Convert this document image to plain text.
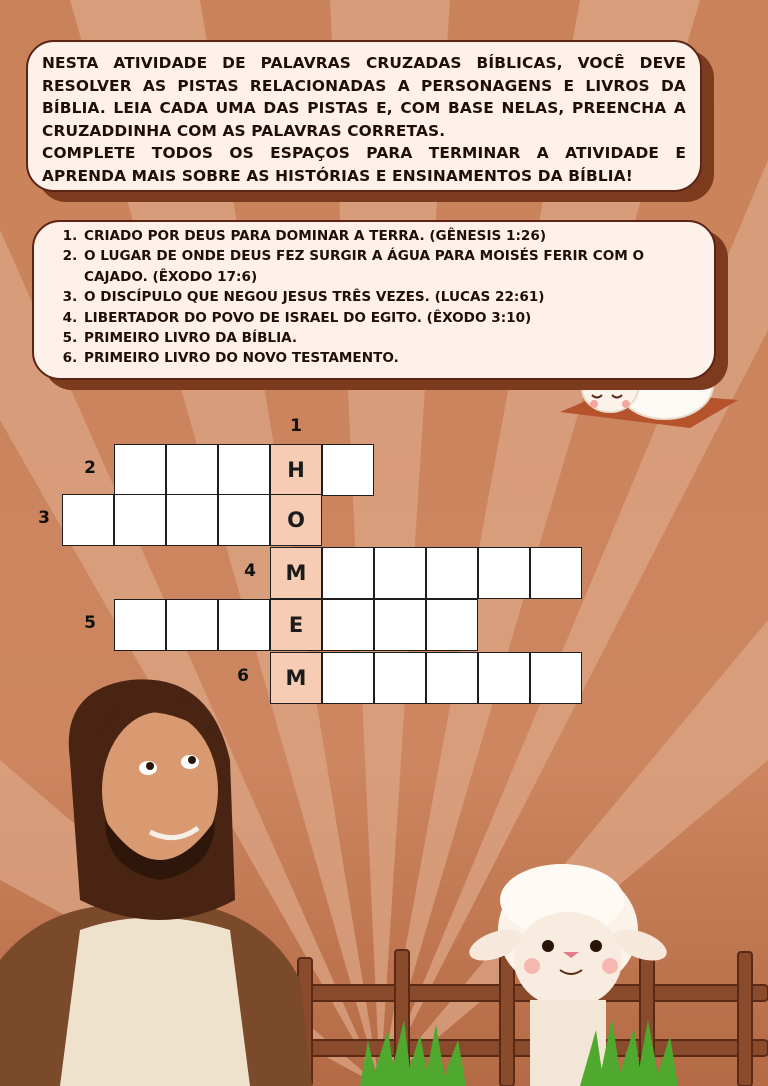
NESTA ATIVIDADE DE PALAVRAS CRUZADAS BÍBLICAS, VOCÊ DEVE RESOLVER AS PISTAS RELACIONADAS A PERSONAGENS E LIVROS DA BÍBLIA. LEIA CADA UMA DAS PISTAS E, COM BASE NELAS, PREENCHA A CRUZADDINHA COM AS PALAVRAS CORRETAS.

COMPLETE TODOS OS ESPAÇOS PARA TERMINAR A ATIVIDADE E APRENDA MAIS SOBRE AS HISTÓRIAS E ENSINAMENTOS DA BÍBLIA!

1. CRIADO POR DEUS PARA DOMINAR A TERRA. (GÊNESIS 1:26)
2. O LUGAR DE ONDE DEUS FEZ SURGIR A ÁGUA PARA MOISÉS FERIR COM O CAJADO. (ÊXODO 17:6)
3. O DISCÍPULO QUE NEGOU JESUS TRÊS VEZES. (LUCAS 22:61)
4. LIBERTADOR DO POVO DE ISRAEL DO EGITO. (ÊXODO 3:10)
5. PRIMEIRO LIVRO DA BÍBLIA.
6. PRIMEIRO LIVRO DO NOVO TESTAMENTO.
1
2	H
3	O
4	M
5	E
6	M
